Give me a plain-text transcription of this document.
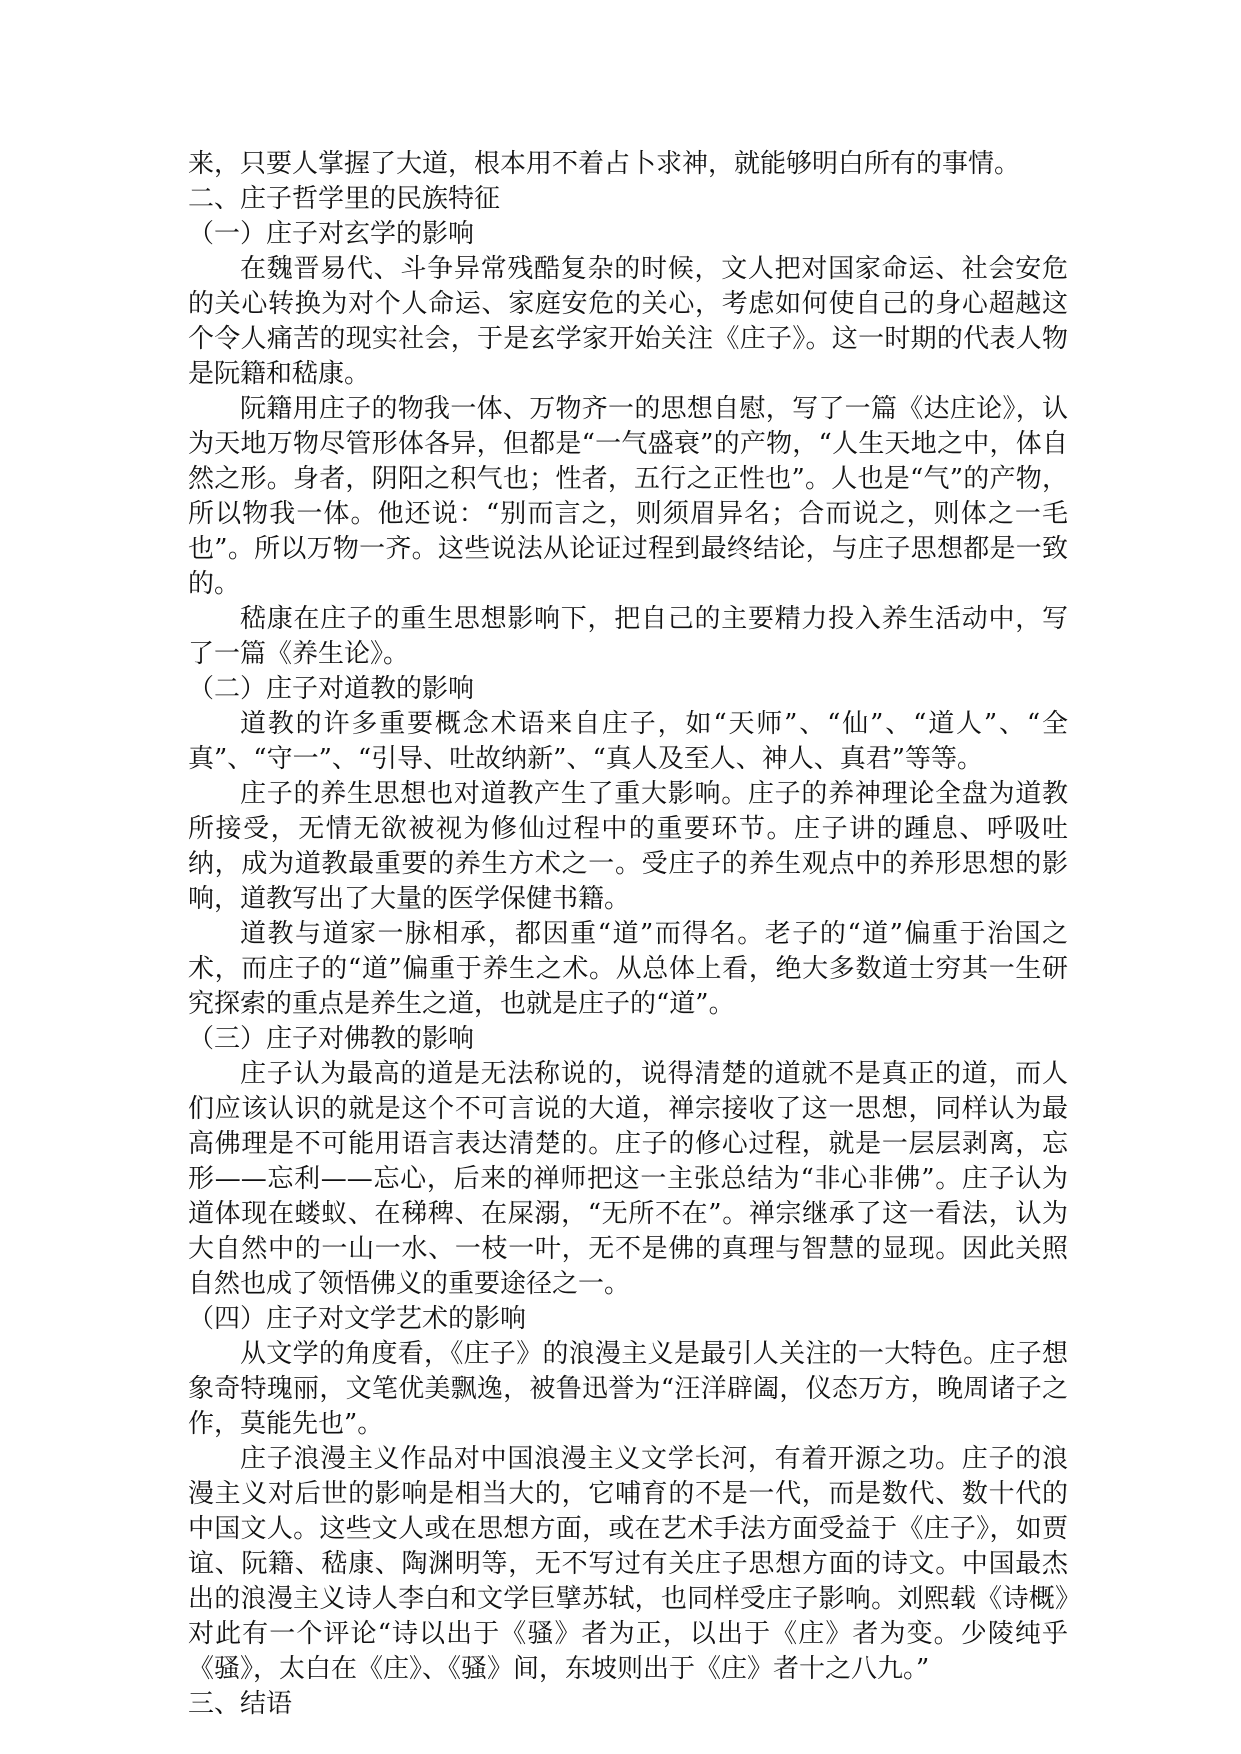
来，只要人掌握了大道，根本用不着占卜求神，就能够明白所有的事情。

二、庄子哲学里的民族特征

（一）庄子对玄学的影响

在魏晋易代、斗争异常残酷复杂的时候，文人把对国家命运、社会安危的关心转换为对个人命运、家庭安危的关心，考虑如何使自己的身心超越这个令人痛苦的现实社会，于是玄学家开始关注《庄子》。这一时期的代表人物是阮籍和嵇康。

阮籍用庄子的物我一体、万物齐一的思想自慰，写了一篇《达庄论》，认为天地万物尽管形体各异，但都是“一气盛衰”的产物，“人生天地之中，体自然之形。身者，阴阳之积气也；性者，五行之正性也”。人也是“气”的产物，所以物我一体。他还说：“别而言之，则须眉异名；合而说之，则体之一毛也”。所以万物一齐。这些说法从论证过程到最终结论，与庄子思想都是一致的。

嵇康在庄子的重生思想影响下，把自己的主要精力投入养生活动中，写了一篇《养生论》。

（二）庄子对道教的影响

道教的许多重要概念术语来自庄子，如“天师”、“仙”、“道人”、“全真”、“守一”、“引导、吐故纳新”、“真人及至人、神人、真君”等等。

庄子的养生思想也对道教产生了重大影响。庄子的养神理论全盘为道教所接受，无情无欲被视为修仙过程中的重要环节。庄子讲的踵息、呼吸吐纳，成为道教最重要的养生方术之一。受庄子的养生观点中的养形思想的影响，道教写出了大量的医学保健书籍。

道教与道家一脉相承，都因重“道”而得名。老子的“道”偏重于治国之术，而庄子的“道”偏重于养生之术。从总体上看，绝大多数道士穷其一生研究探索的重点是养生之道，也就是庄子的“道”。

（三）庄子对佛教的影响

庄子认为最高的道是无法称说的，说得清楚的道就不是真正的道，而人们应该认识的就是这个不可言说的大道，禅宗接收了这一思想，同样认为最高佛理是不可能用语言表达清楚的。庄子的修心过程，就是一层层剥离，忘形——忘利——忘心，后来的禅师把这一主张总结为“非心非佛”。庄子认为道体现在蝼蚁、在稊稗、在屎溺，“无所不在”。禅宗继承了这一看法，认为大自然中的一山一水、一枝一叶，无不是佛的真理与智慧的显现。因此关照自然也成了领悟佛义的重要途径之一。

（四）庄子对文学艺术的影响

从文学的角度看，《庄子》的浪漫主义是最引人关注的一大特色。庄子想象奇特瑰丽，文笔优美飘逸，被鲁迅誉为“汪洋辟阖，仪态万方，晚周诸子之作，莫能先也”。

庄子浪漫主义作品对中国浪漫主义文学长河，有着开源之功。庄子的浪漫主义对后世的影响是相当大的，它哺育的不是一代，而是数代、数十代的中国文人。这些文人或在思想方面，或在艺术手法方面受益于《庄子》，如贾谊、阮籍、嵇康、陶渊明等，无不写过有关庄子思想方面的诗文。中国最杰出的浪漫主义诗人李白和文学巨擘苏轼，也同样受庄子影响。刘熙载《诗概》对此有一个评论“诗以出于《骚》者为正，以出于《庄》者为变。少陵纯乎《骚》，太白在《庄》、《骚》间，东坡则出于《庄》者十之八九。”

三、结语
